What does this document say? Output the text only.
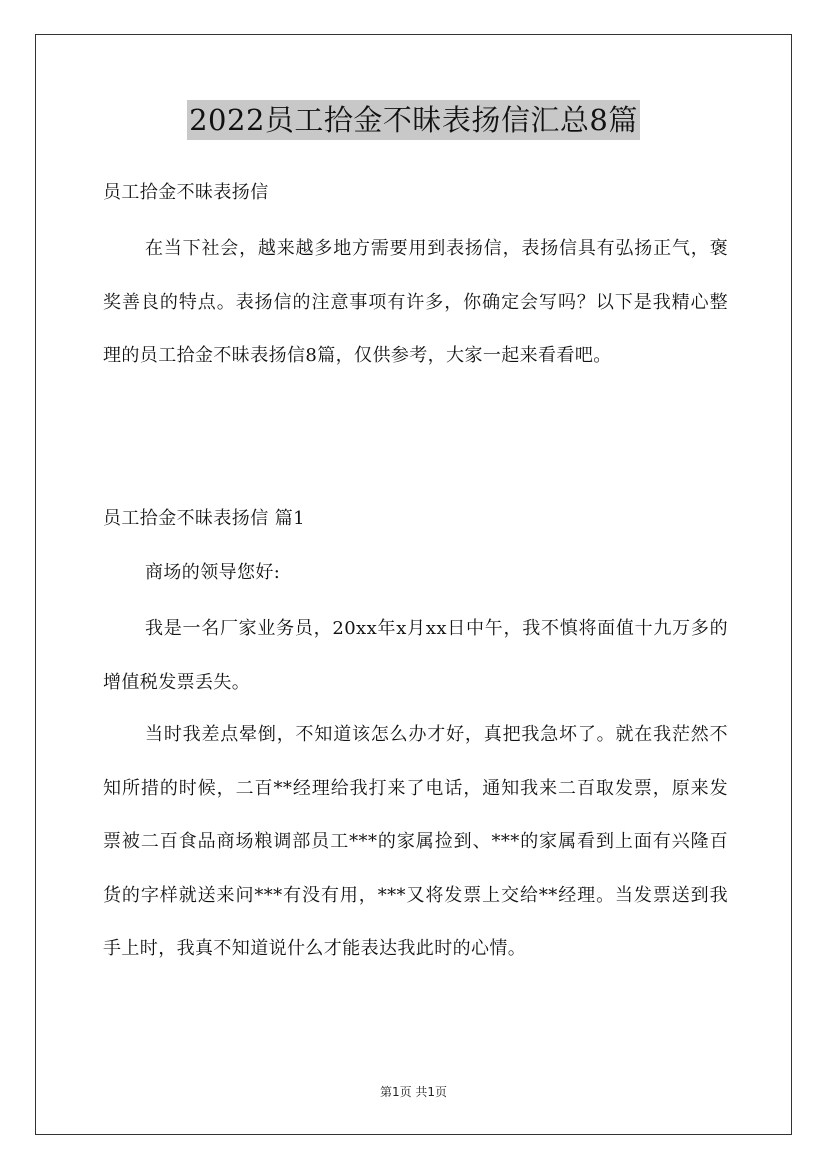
2022员工拾金不昧表扬信汇总8篇
员工拾金不昧表扬信
在当下社会，越来越多地方需要用到表扬信，表扬信具有弘扬正气，褒奖善良的特点。表扬信的注意事项有许多，你确定会写吗？以下是我精心整理的员工拾金不昧表扬信8篇，仅供参考，大家一起来看看吧。
员工拾金不昧表扬信 篇1
商场的领导您好:
我是一名厂家业务员，20xx年x月xx日中午，我不慎将面值十九万多的增值税发票丢失。
当时我差点晕倒，不知道该怎么办才好，真把我急坏了。就在我茫然不知所措的时候，二百**经理给我打来了电话，通知我来二百取发票，原来发票被二百食品商场粮调部员工***的家属捡到、***的家属看到上面有兴隆百货的字样就送来问***有没有用，***又将发票上交给**经理。当发票送到我手上时，我真不知道说什么才能表达我此时的心情。
第1页 共1页
